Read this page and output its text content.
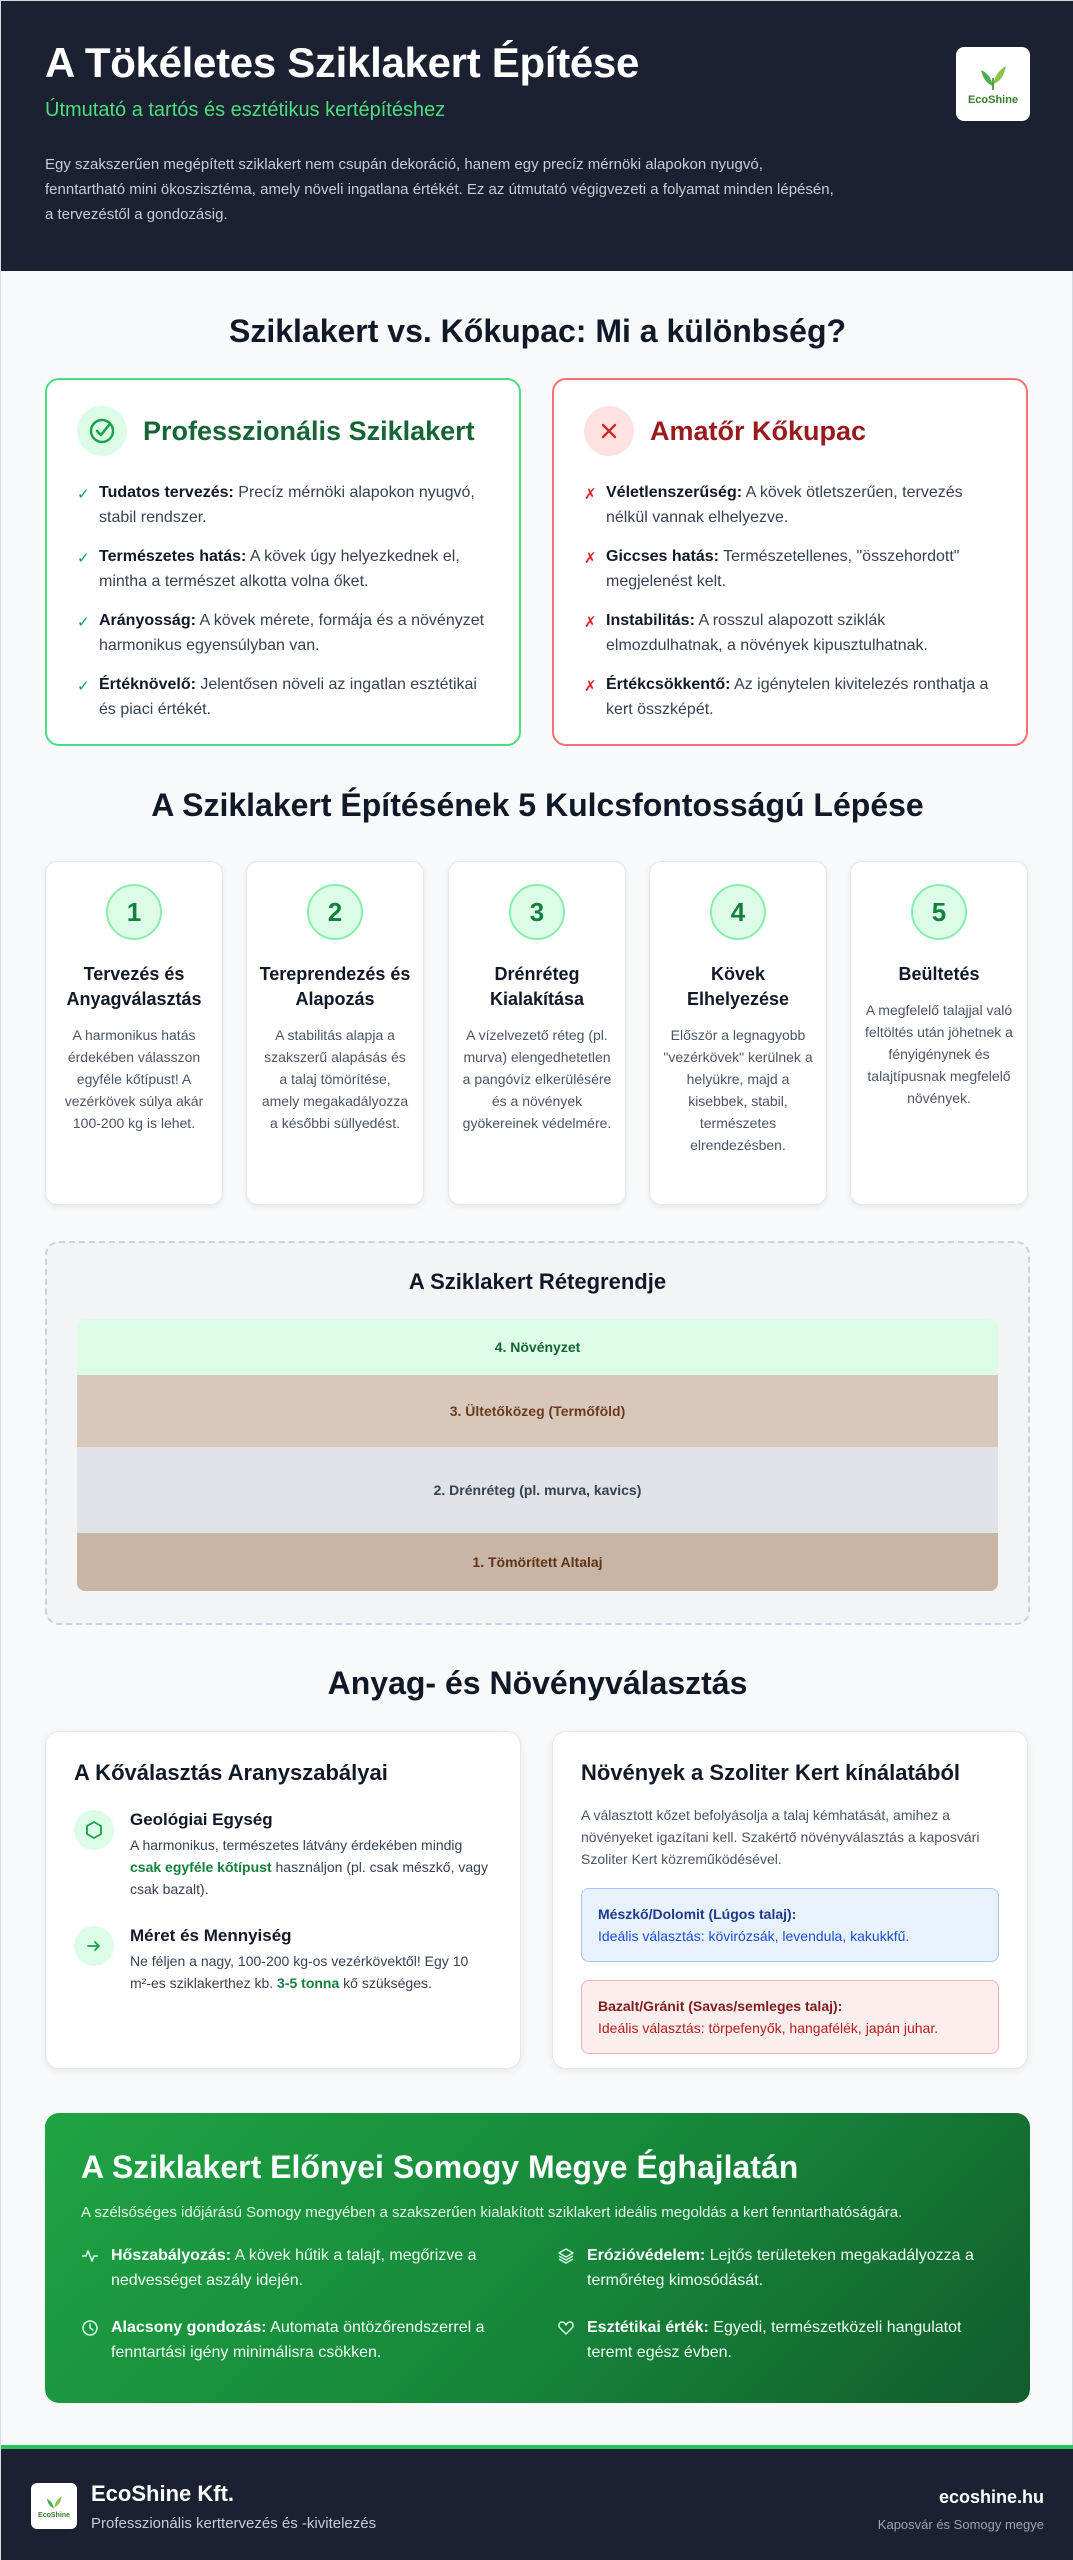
A Tökéletes Sziklakert Építése
Útmutató a tartós és esztétikus kertépítéshez

Egy szakszerűen megépített sziklakert nem csupán dekoráció, hanem egy precíz mérnöki alapokon nyugvó, fenntartható mini ökoszisztéma, amely növeli ingatlana értékét. Ez az útmutató végigvezeti a folyamat minden lépésén, a tervezéstől a gondozásig.

EcoShine
Sziklakert vs. Kőkupac: Mi a különbség?
Professzionális Sziklakert
✓ Tudatos tervezés: Precíz mérnöki alapokon nyugvó, stabil rendszer.
✓ Természetes hatás: A kövek úgy helyezkednek el, mintha a természet alkotta volna őket.
✓ Arányosság: A kövek mérete, formája és a növényzet harmonikus egyensúlyban van.
✓ Értéknövelő: Jelentősen növeli az ingatlan esztétikai és piaci értékét.
Amatőr Kőkupac
✗ Véletlenszerűség: A kövek ötletszerűen, tervezés nélkül vannak elhelyezve.
✗ Giccses hatás: Természetellenes, "összehordott" megjelenést kelt.
✗ Instabilitás: A rosszul alapozott sziklák elmozdulhatnak, a növények kipusztulhatnak.
✗ Értékcsökkentő: Az igénytelen kivitelezés ronthatja a kert összképét.
A Sziklakert Építésének 5 Kulcsfontosságú Lépése
1
Tervezés és Anyagválasztás

A harmonikus hatás érdekében válasszon egyféle kőtípust! A vezérkövek súlya akár 100-200 kg is lehet.

2
Tereprendezés és Alapozás

A stabilitás alapja a szakszerű alapásás és a talaj tömörítése, amely megakadályozza a későbbi süllyedést.

3
Drénréteg Kialakítása

A vízelvezető réteg (pl. murva) elengedhetetlen a pangóvíz elkerülésére és a növények gyökereinek védelmére.

4
Kövek Elhelyezése

Először a legnagyobb "vezérkövek" kerülnek a helyükre, majd a kisebbek, stabil, természetes elrendezésben.

5
Beültetés

A megfelelő talajjal való feltöltés után jöhetnek a fényigénynek és talajtípusnak megfelelő növények.

A Sziklakert Rétegrendje
4. Növényzet
3. Ültetőközeg (Termőföld)
2. Drénréteg (pl. murva, kavics)
1. Tömörített Altalaj
Anyag- és Növényválasztás
A Kőválasztás Aranyszabályai
Geológiai Egység

A harmonikus, természetes látvány érdekében mindig csak egyféle kőtípust használjon (pl. csak mészkő, vagy csak bazalt).

Méret és Mennyiség

Ne féljen a nagy, 100-200 kg-os vezérkövektől! Egy 10 m²-es sziklakerthez kb. 3-5 tonna kő szükséges.

Növények a Szoliter Kert kínálatából

A választott kőzet befolyásolja a talaj kémhatását, amihez a növényeket igazítani kell. Szakértő növényválasztás a kaposvári Szoliter Kert közreműködésével.

Mészkő/Dolomit (Lúgos talaj):
Ideális választás: kövirózsák, levendula, kakukkfű.
Bazalt/Gránit (Savas/semleges talaj):
Ideális választás: törpefenyők, hangafélék, japán juhar.
A Sziklakert Előnyei Somogy Megye Éghajlatán

A szélsőséges időjárású Somogy megyében a szakszerűen kialakított sziklakert ideális megoldás a kert fenntarthatóságára.

Hőszabályozás: A kövek hűtik a talajt, megőrizve a nedvességet aszály idején.
Erózióvédelem: Lejtős területeken megakadályozza a termőréteg kimosódását.
Alacsony gondozás: Automata öntözőrendszerrel a fenntartási igény minimálisra csökken.
Esztétikai érték: Egyedi, természetközeli hangulatot teremt egész évben.
EcoShine
EcoShine Kft.
Professzionális kerttervezés és -kivitelezés
ecoshine.hu
Kaposvár és Somogy megye
